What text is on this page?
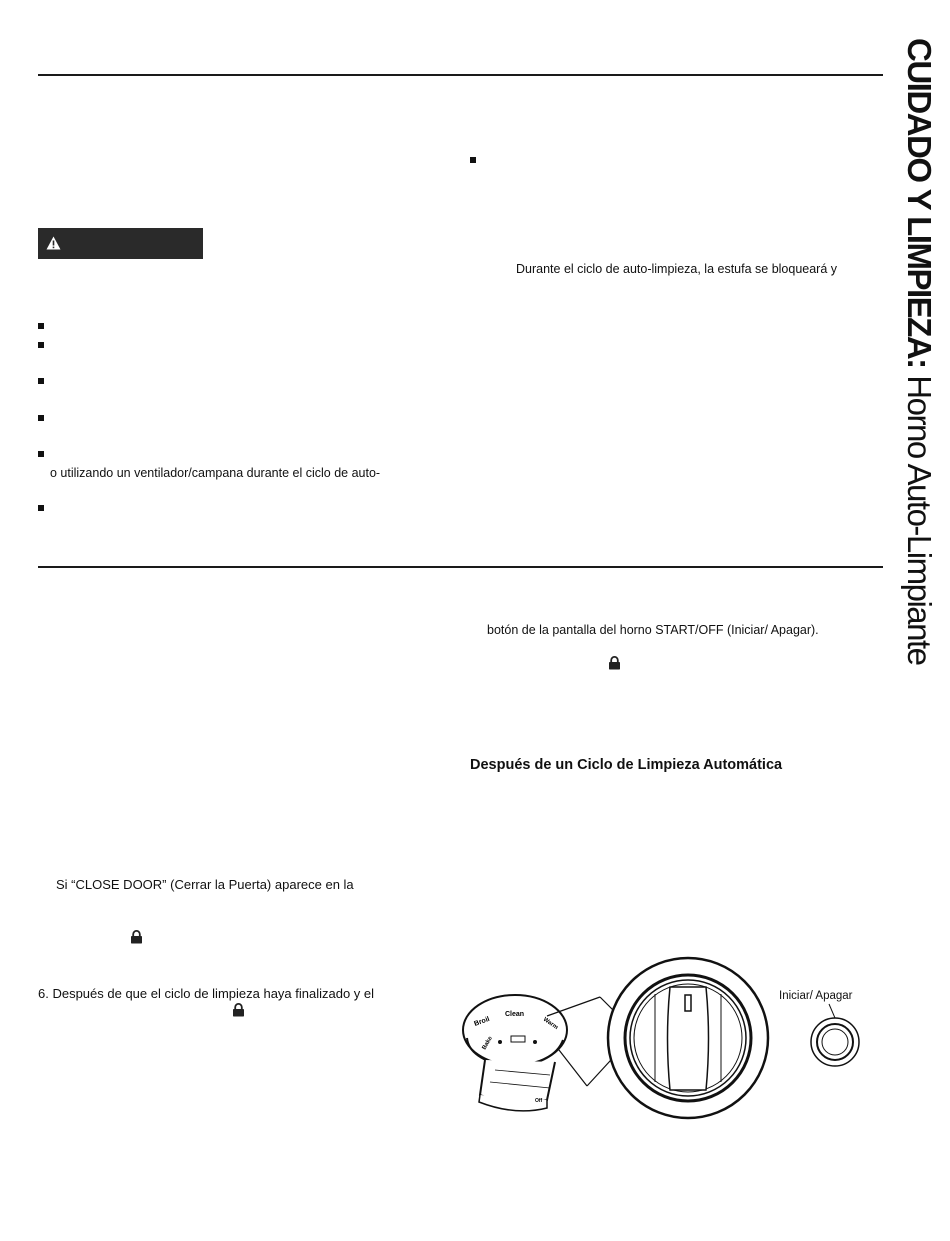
CUIDADO Y LIMPIEZA: Horno Auto-Limpiante
o utilizando un ventilador/campana durante el ciclo de auto-
Durante el ciclo de auto-limpieza, la estufa se bloqueará y
botón de la pantalla del horno START/OFF (Iniciar/ Apagar).
Después de un Ciclo de Limpieza Automática
Si “CLOSE DOOR” (Cerrar la Puerta) aparece en la
6. Después de que el ciclo de limpieza haya finalizado y el
Broil
Clean
Warm
Bake
Off
Iniciar/ Apagar
